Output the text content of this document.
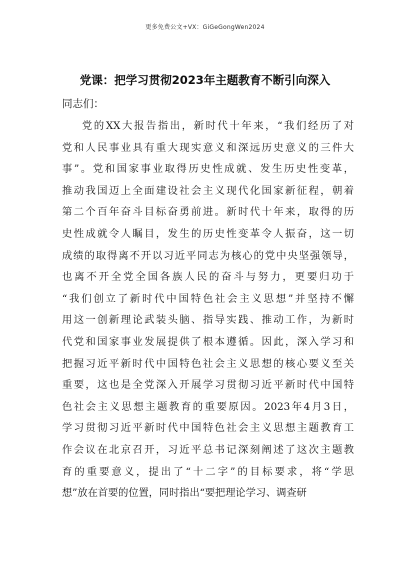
更多免费公文+VX：GiGeGongWen2024
党课：把学习贯彻2023年主题教育不断引向深入
同志们：
党的XX大报告指出，新时代十年来，“我们经历了对
党和人民事业具有重大现实意义和深远历史意义的三件大
事”。党和国家事业取得历史性成就、发生历史性变革，
推动我国迈上全面建设社会主义现代化国家新征程，朝着
第二个百年奋斗目标奋勇前进。新时代十年来，取得的历
史性成就令人瞩目，发生的历史性变革令人振奋，这一切
成绩的取得离不开以习近平同志为核心的党中央坚强领导，
也离不开全党全国各族人民的奋斗与努力，更要归功于
“我们创立了新时代中国特色社会主义思想”并坚持不懈
用这一创新理论武装头脑、指导实践、推动工作，为新时
代党和国家事业发展提供了根本遵循。因此，深入学习和
把握习近平新时代中国特色社会主义思想的核心要义至关
重要，这也是全党深入开展学习贯彻习近平新时代中国特
色社会主义思想主题教育的重要原因。2023年4月3日，
学习贯彻习近平新时代中国特色社会主义思想主题教育工
作会议在北京召开，习近平总书记深刻阐述了这次主题教
育的重要意义，提出了“十二字”的目标要求，将“学思
想”放在首要的位置，同时指出“要把理论学习、调查研
